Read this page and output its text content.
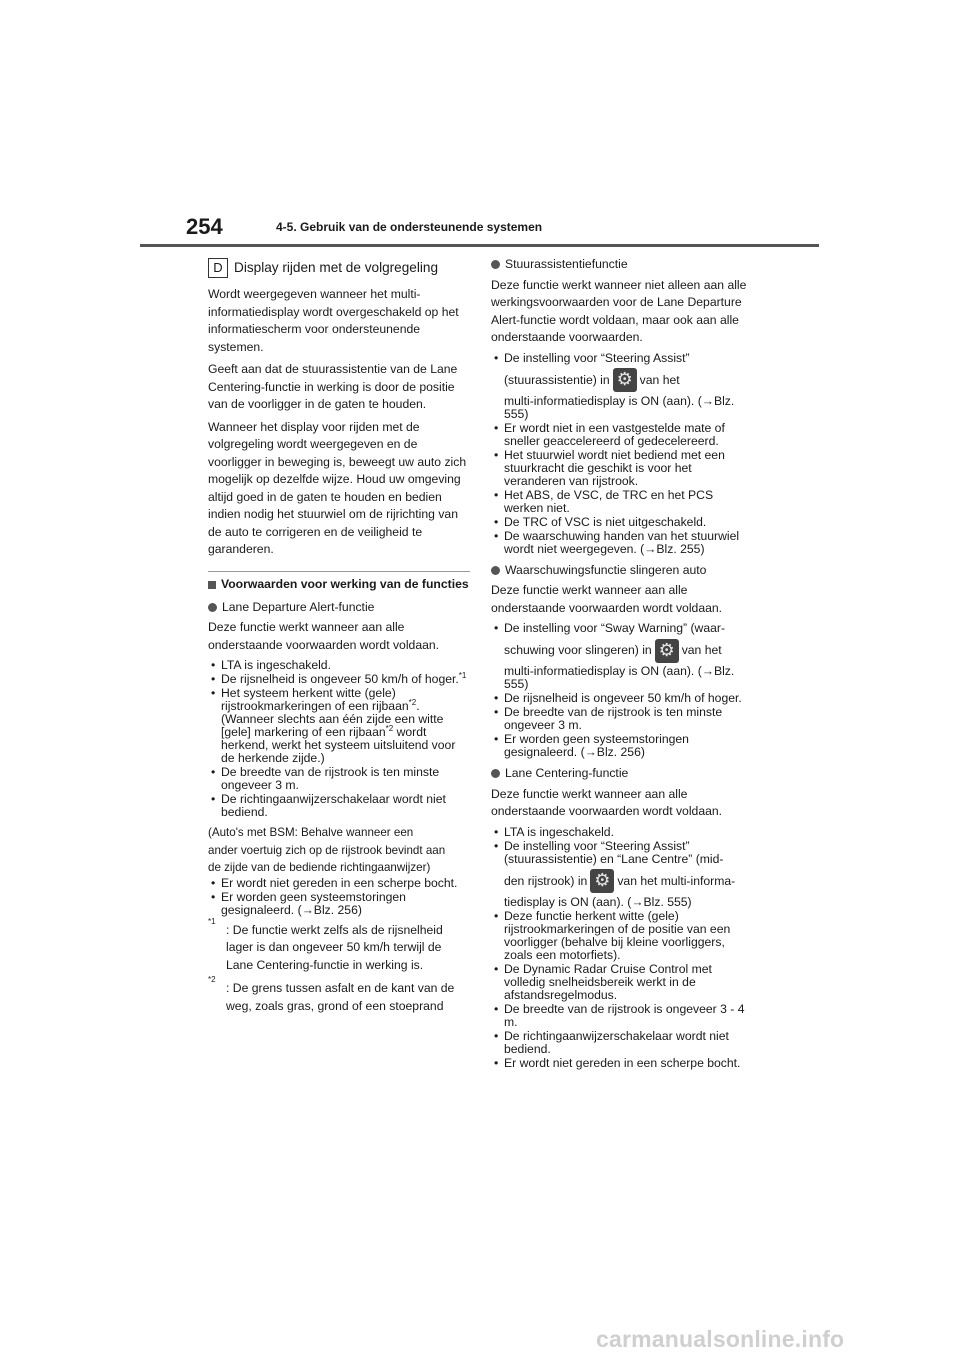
254	4-5. Gebruik van de ondersteunende systemen
D Display rijden met de volgregeling

Wordt weergegeven wanneer het multi-informatiedisplay wordt overgeschakeld op het informatiescherm voor ondersteunende systemen.

Geeft aan dat de stuurassistentie van de Lane Centering-functie in werking is door de positie van de voorligger in de gaten te houden.

Wanneer het display voor rijden met de volgregeling wordt weergegeven en de voorligger in beweging is, beweegt uw auto zich mogelijk op dezelfde wijze. Houd uw omgeving altijd goed in de gaten te houden en bedien indien nodig het stuurwiel om de rijrichting van de auto te corrigeren en de veiligheid te garanderen.

Voorwaarden voor werking van de functies
Lane Departure Alert-functie

Deze functie werkt wanneer aan alle onderstaande voorwaarden wordt voldaan.

• LTA is ingeschakeld.
• De rijsnelheid is ongeveer 50 km/h of hoger.$^{*1}$
• Het systeem herkent witte (gele) rijstrookmarkeringen of een rijbaan$^{*2}$. (Wanneer slechts aan één zijde een witte [gele] markering of een rijbaan$^{*2}$ wordt herkend, werkt het systeem uitsluitend voor de herkende zijde.)
• De breedte van de rijstrook is ten minste ongeveer 3 m.
• De richtingaanwijzerschakelaar wordt niet bediend.
(Auto's met BSM: Behalve wanneer een
ander voertuig zich op de rijstrook bevindt aan
de zijde van de bediende richtingaanwijzer)
• Er wordt niet gereden in een scherpe bocht.
• Er worden geen systeemstoringen gesignaleerd. (→Blz. 256)
*1
: De functie werkt zelfs als de rijsnelheid lager is dan ongeveer 50 km/h terwijl de Lane Centering-functie in werking is.
*2
: De grens tussen asfalt en de kant van de weg, zoals gras, grond of een stoeprand
Stuurassistentiefunctie

Deze functie werkt wanneer niet alleen aan alle werkingsvoorwaarden voor de Lane Departure Alert-functie wordt voldaan, maar ook aan alle onderstaande voorwaarden.

• De instelling voor “Steering Assist”
(stuurassistentie) in ⚙ van het
multi-informatiedisplay is ON (aan). (→Blz. 555)
• Er wordt niet in een vastgestelde mate of sneller geaccelereerd of gedecelereerd.
• Het stuurwiel wordt niet bediend met een stuurkracht die geschikt is voor het veranderen van rijstrook.
• Het ABS, de VSC, de TRC en het PCS werken niet.
• De TRC of VSC is niet uitgeschakeld.
• De waarschuwing handen van het stuurwiel wordt niet weergegeven. (→Blz. 255)
Waarschuwingsfunctie slingeren auto

Deze functie werkt wanneer aan alle onderstaande voorwaarden wordt voldaan.

• De instelling voor “Sway Warning” (waar-
schuwing voor slingeren) in ⚙ van het
multi-informatiedisplay is ON (aan). (→Blz. 555)
• De rijsnelheid is ongeveer 50 km/h of hoger.
• De breedte van de rijstrook is ten minste ongeveer 3 m.
• Er worden geen systeemstoringen gesignaleerd. (→Blz. 256)
Lane Centering-functie

Deze functie werkt wanneer aan alle onderstaande voorwaarden wordt voldaan.

• LTA is ingeschakeld.
• De instelling voor “Steering Assist” (stuurassistentie) en “Lane Centre” (mid-
den rijstrook) in ⚙ van het multi-informa-
tiedisplay is ON (aan). (→Blz. 555)
• Deze functie herkent witte (gele) rijstrookmarkeringen of de positie van een voorligger (behalve bij kleine voorliggers, zoals een motorfiets).
• De Dynamic Radar Cruise Control met volledig snelheidsbereik werkt in de afstandsregelmodus.
• De breedte van de rijstrook is ongeveer 3 - 4 m.
• De richtingaanwijzerschakelaar wordt niet bediend.
• Er wordt niet gereden in een scherpe bocht.
carmanualsonline.info
